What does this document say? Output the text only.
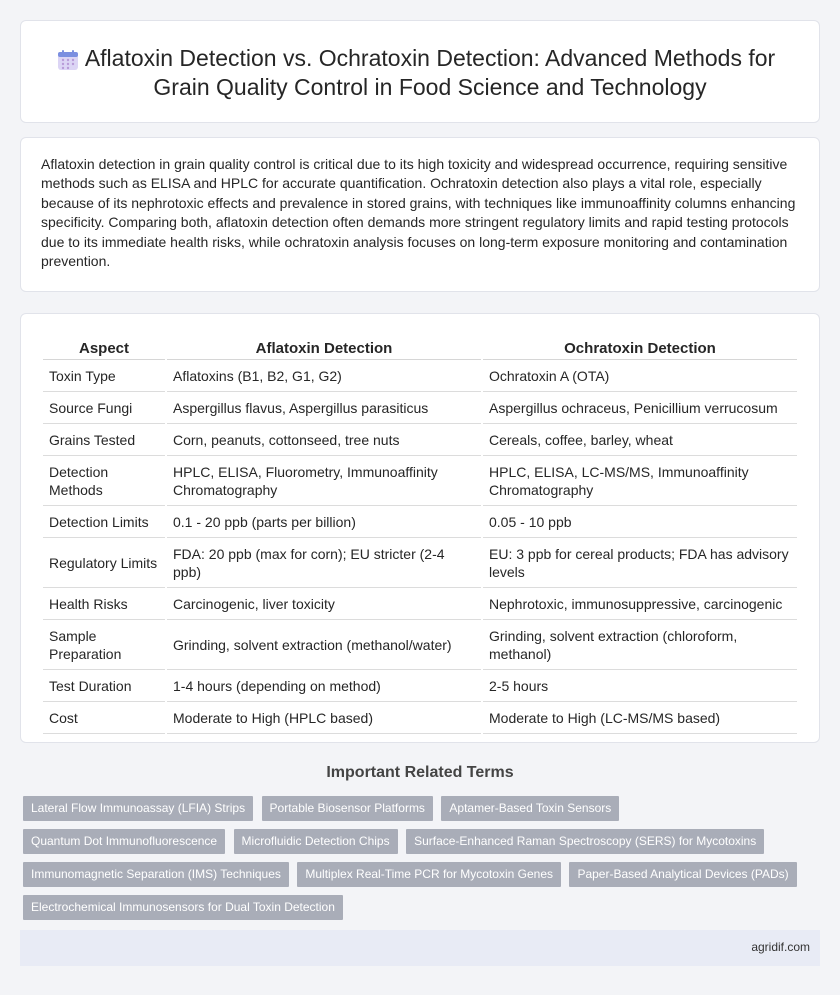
Aflatoxin Detection vs. Ochratoxin Detection: Advanced Methods for Grain Quality Control in Food Science and Technology

Aflatoxin detection in grain quality control is critical due to its high toxicity and widespread occurrence, requiring sensitive methods such as ELISA and HPLC for accurate quantification. Ochratoxin detection also plays a vital role, especially because of its nephrotoxic effects and prevalence in stored grains, with techniques like immunoaffinity columns enhancing specificity. Comparing both, aflatoxin detection often demands more stringent regulatory limits and rapid testing protocols due to its immediate health risks, while ochratoxin analysis focuses on long-term exposure monitoring and contamination prevention.

Aspect	Aflatoxin Detection	Ochratoxin Detection
Toxin Type	Aflatoxins (B1, B2, G1, G2)	Ochratoxin A (OTA)
Source Fungi	Aspergillus flavus, Aspergillus parasiticus	Aspergillus ochraceus, Penicillium verrucosum
Grains Tested	Corn, peanuts, cottonseed, tree nuts	Cereals, coffee, barley, wheat
Detection Methods	HPLC, ELISA, Fluorometry, Immunoaffinity Chromatography	HPLC, ELISA, LC-MS/MS, Immunoaffinity Chromatography
Detection Limits	0.1 - 20 ppb (parts per billion)	0.05 - 10 ppb
Regulatory Limits	FDA: 20 ppb (max for corn); EU stricter (2-4 ppb)	EU: 3 ppb for cereal products; FDA has advisory levels
Health Risks	Carcinogenic, liver toxicity	Nephrotoxic, immunosuppressive, carcinogenic
Sample Preparation	Grinding, solvent extraction (methanol/water)	Grinding, solvent extraction (chloroform, methanol)
Test Duration	1-4 hours (depending on method)	2-5 hours
Cost	Moderate to High (HPLC based)	Moderate to High (LC-MS/MS based)
Important Related Terms
Lateral Flow Immunoassay (LFIA) Strips Portable Biosensor Platforms Aptamer-Based Toxin Sensors
Quantum Dot Immunofluorescence Microfluidic Detection Chips Surface-Enhanced Raman Spectroscopy (SERS) for Mycotoxins
Immunomagnetic Separation (IMS) Techniques Multiplex Real-Time PCR for Mycotoxin Genes Paper-Based Analytical Devices (PADs)
Electrochemical Immunosensors for Dual Toxin Detection
agridif.com
